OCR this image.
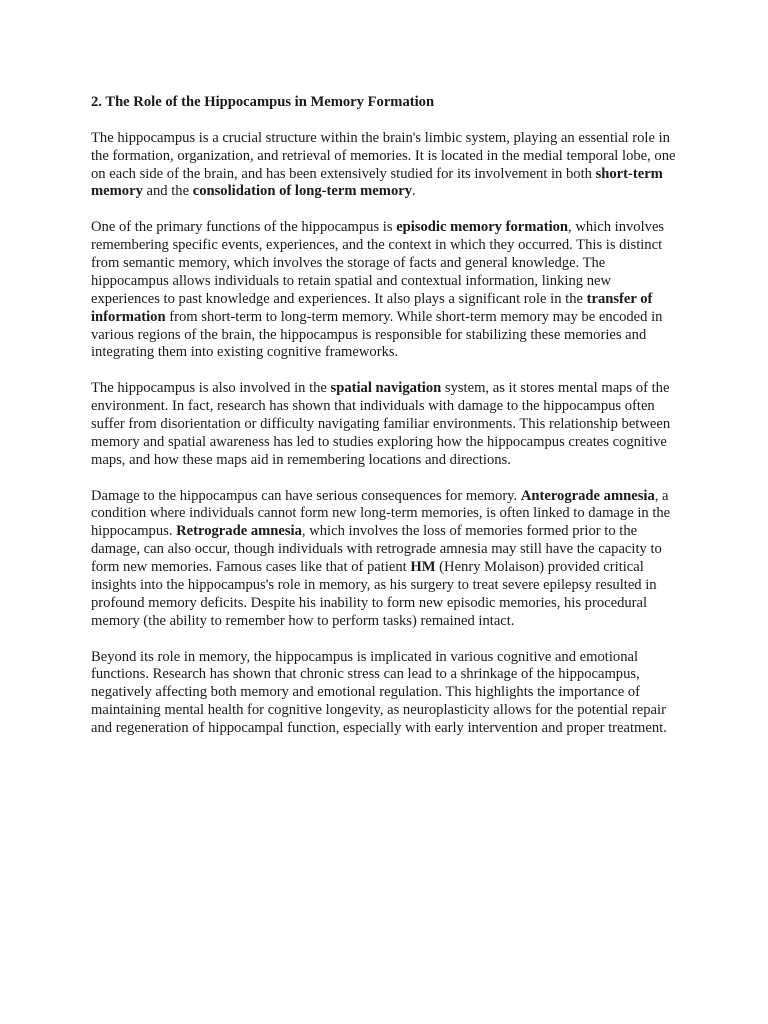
2. The Role of the Hippocampus in Memory Formation

The hippocampus is a crucial structure within the brain's limbic system, playing an essential role in the formation, organization, and retrieval of memories. It is located in the medial temporal lobe, one on each side of the brain, and has been extensively studied for its involvement in both short-term memory and the consolidation of long-term memory.

One of the primary functions of the hippocampus is episodic memory formation, which involves remembering specific events, experiences, and the context in which they occurred. This is distinct from semantic memory, which involves the storage of facts and general knowledge. The hippocampus allows individuals to retain spatial and contextual information, linking new experiences to past knowledge and experiences. It also plays a significant role in the transfer of information from short-term to long-term memory. While short-term memory may be encoded in various regions of the brain, the hippocampus is responsible for stabilizing these memories and integrating them into existing cognitive frameworks.

The hippocampus is also involved in the spatial navigation system, as it stores mental maps of the environment. In fact, research has shown that individuals with damage to the hippocampus often suffer from disorientation or difficulty navigating familiar environments. This relationship between memory and spatial awareness has led to studies exploring how the hippocampus creates cognitive maps, and how these maps aid in remembering locations and directions.

Damage to the hippocampus can have serious consequences for memory. Anterograde amnesia, a condition where individuals cannot form new long-term memories, is often linked to damage in the hippocampus. Retrograde amnesia, which involves the loss of memories formed prior to the damage, can also occur, though individuals with retrograde amnesia may still have the capacity to form new memories. Famous cases like that of patient HM (Henry Molaison) provided critical insights into the hippocampus's role in memory, as his surgery to treat severe epilepsy resulted in profound memory deficits. Despite his inability to form new episodic memories, his procedural memory (the ability to remember how to perform tasks) remained intact.

Beyond its role in memory, the hippocampus is implicated in various cognitive and emotional functions. Research has shown that chronic stress can lead to a shrinkage of the hippocampus, negatively affecting both memory and emotional regulation. This highlights the importance of maintaining mental health for cognitive longevity, as neuroplasticity allows for the potential repair and regeneration of hippocampal function, especially with early intervention and proper treatment.
